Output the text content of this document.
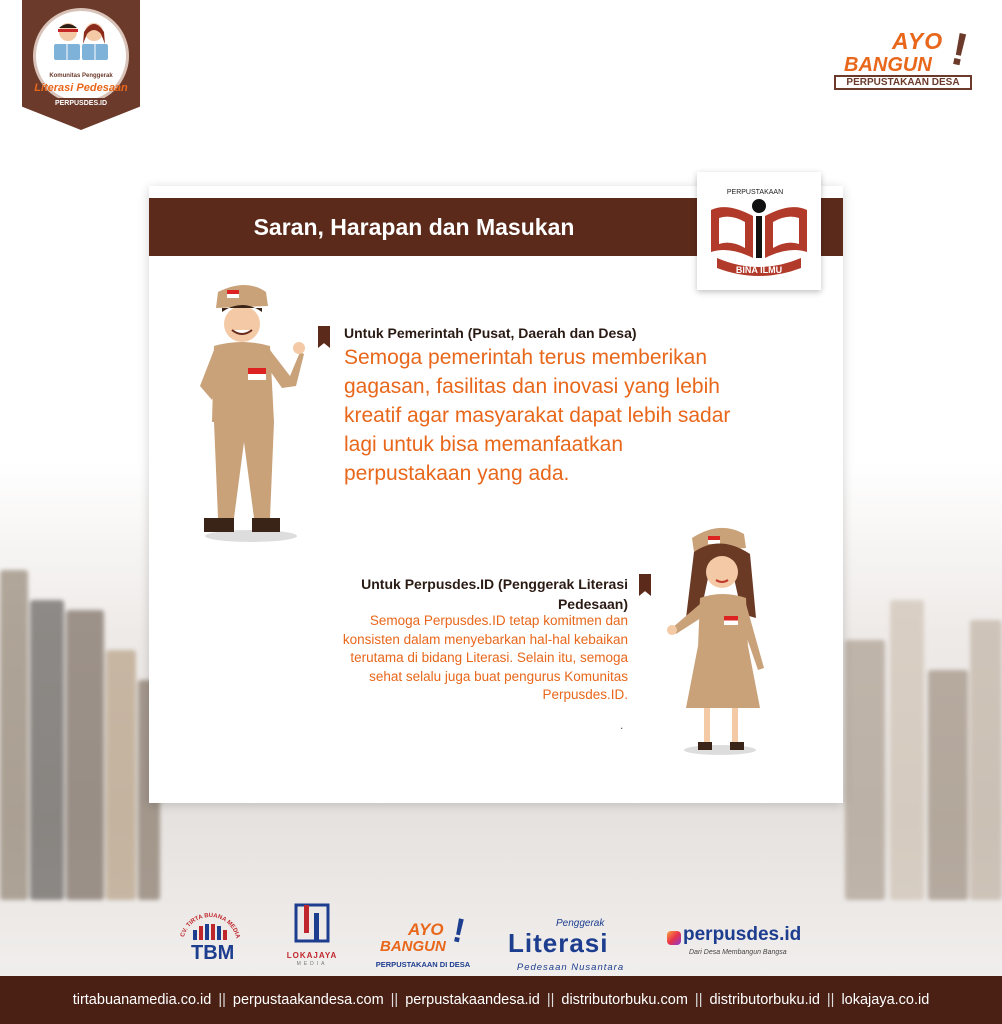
Komunitas Penggerak
Literasi Pedesaan
PERPUSDES.ID
AYO
BANGUN !
PERPUSTAKAAN DESA
Saran, Harapan dan Masukan
PERPUSTAKAAN
BINA ILMU
Untuk Pemerintah (Pusat, Daerah dan Desa)
Semoga pemerintah terus memberikan gagasan, fasilitas dan inovasi yang lebih kreatif agar masyarakat dapat lebih sadar lagi untuk bisa memanfaatkan perpustakaan yang ada.
Untuk Perpusdes.ID (Penggerak Literasi Pedesaan)
Semoga Perpusdes.ID tetap komitmen dan konsisten dalam menyebarkan hal-hal kebaikan terutama di bidang Literasi. Selain itu, semoga sehat selalu juga buat pengurus Komunitas Perpusdes.ID.
.
CV. TIRTA BUANA MEDIA
TBM	LOKAJAYA
MEDIA
AYO
BANGUN !
PERPUSTAKAAN DI DESA
Penggerak
Literasi
Pedesaan Nusantara
perpusdes.id
Dari Desa Membangun Bangsa
tirtabuanamedia.co.id || perpustaakandesa.com || perpustakaandesa.id || distributorbuku.com || distributorbuku.id || lokajaya.co.id
